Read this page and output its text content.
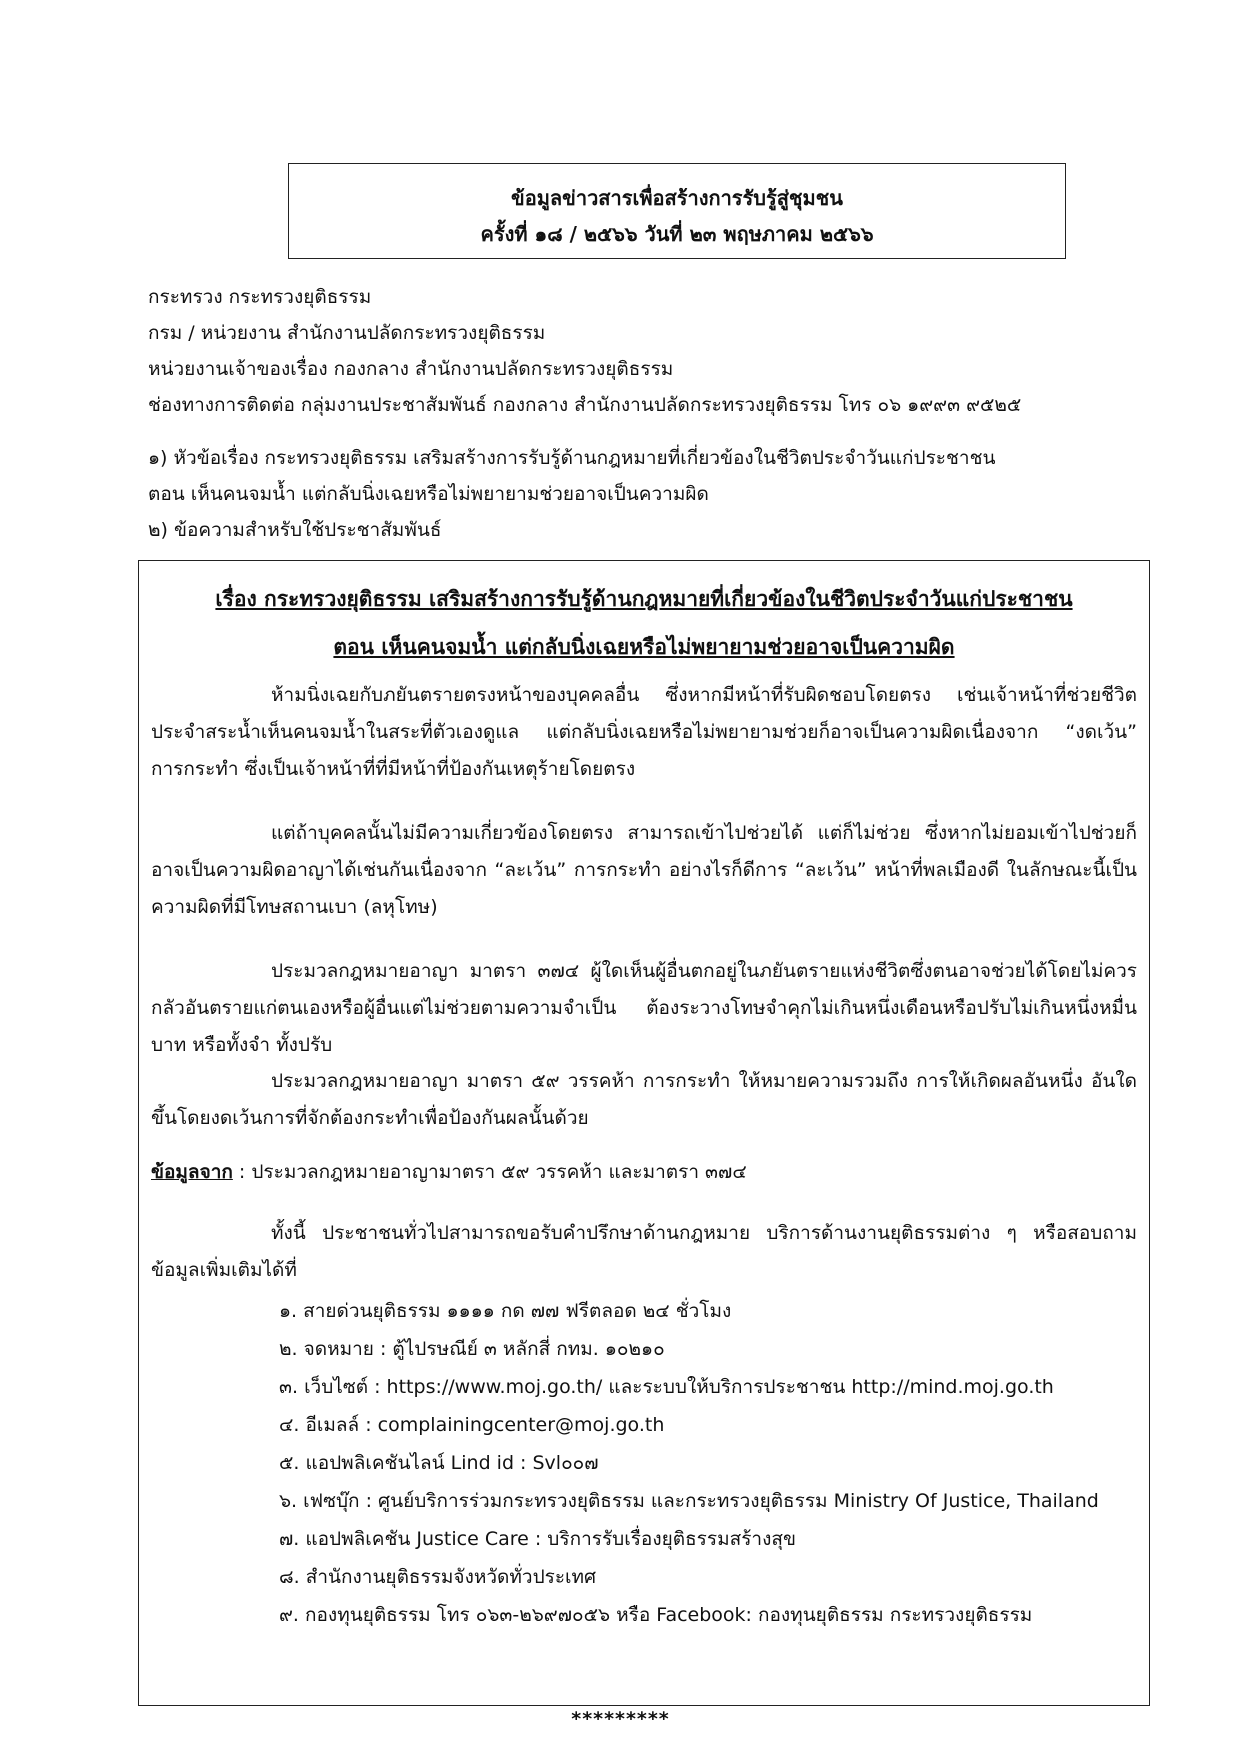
ข้อมูลข่าวสารเพื่อสร้างการรับรู้สู่ชุมชน
ครั้งที่ ๑๘ / ๒๕๖๖ วันที่ ๒๓ พฤษภาคม ๒๕๖๖
กระทรวง กระทรวงยุติธรรม
กรม / หน่วยงาน สำนักงานปลัดกระทรวงยุติธรรม
หน่วยงานเจ้าของเรื่อง กองกลาง สำนักงานปลัดกระทรวงยุติธรรม
ช่องทางการติดต่อ กลุ่มงานประชาสัมพันธ์ กองกลาง สำนักงานปลัดกระทรวงยุติธรรม โทร ๐๖ ๑๙๙๓ ๙๕๒๕
๑) หัวข้อเรื่อง กระทรวงยุติธรรม เสริมสร้างการรับรู้ด้านกฎหมายที่เกี่ยวข้องในชีวิตประจำวันแก่ประชาชน
ตอน เห็นคนจมน้ำ แต่กลับนิ่งเฉยหรือไม่พยายามช่วยอาจเป็นความผิด
๒) ข้อความสำหรับใช้ประชาสัมพันธ์
เรื่อง กระทรวงยุติธรรม เสริมสร้างการรับรู้ด้านกฎหมายที่เกี่ยวข้องในชีวิตประจำวันแก่ประชาชน
ตอน เห็นคนจมน้ำ แต่กลับนิ่งเฉยหรือไม่พยายามช่วยอาจเป็นความผิด
ห้ามนิ่งเฉยกับภยันตรายตรงหน้าของบุคคลอื่น ซึ่งหากมีหน้าที่รับผิดชอบโดยตรง เช่นเจ้าหน้าที่ช่วยชีวิตประจำสระน้ำเห็นคนจมน้ำในสระที่ตัวเองดูแล แต่กลับนิ่งเฉยหรือไม่พยายามช่วยก็อาจเป็นความผิดเนื่องจาก “งดเว้น” การกระทำ ซึ่งเป็นเจ้าหน้าที่ที่มีหน้าที่ป้องกันเหตุร้ายโดยตรง
แต่ถ้าบุคคลนั้นไม่มีความเกี่ยวข้องโดยตรง สามารถเข้าไปช่วยได้ แต่ก็ไม่ช่วย ซึ่งหากไม่ยอมเข้าไปช่วยก็อาจเป็นความผิดอาญาได้เช่นกันเนื่องจาก “ละเว้น” การกระทำ อย่างไรก็ดีการ “ละเว้น” หน้าที่พลเมืองดี ในลักษณะนี้เป็นความผิดที่มีโทษสถานเบา (ลหุโทษ)
ประมวลกฎหมายอาญา มาตรา ๓๗๔ ผู้ใดเห็นผู้อื่นตกอยู่ในภยันตรายแห่งชีวิตซึ่งตนอาจช่วยได้โดยไม่ควรกลัวอันตรายแก่ตนเองหรือผู้อื่นแต่ไม่ช่วยตามความจำเป็น ต้องระวางโทษจำคุกไม่เกินหนึ่งเดือนหรือปรับไม่เกินหนึ่งหมื่นบาท หรือทั้งจำ ทั้งปรับ
ประมวลกฎหมายอาญา มาตรา ๕๙ วรรคห้า การกระทำ ให้หมายความรวมถึง การให้เกิดผลอันหนึ่ง อันใดขึ้นโดยงดเว้นการที่จักต้องกระทำเพื่อป้องกันผลนั้นด้วย
ข้อมูลจาก : ประมวลกฎหมายอาญามาตรา ๕๙ วรรคห้า และมาตรา ๓๗๔
ทั้งนี้ ประชาชนทั่วไปสามารถขอรับคำปรึกษาด้านกฎหมาย บริการด้านงานยุติธรรมต่าง ๆ หรือสอบถามข้อมูลเพิ่มเติมได้ที่
๑. สายด่วนยุติธรรม ๑๑๑๑ กด ๗๗ ฟรีตลอด ๒๔ ชั่วโมง
๒. จดหมาย : ตู้ไปรษณีย์ ๓ หลักสี่ กทม. ๑๐๒๑๐
๓. เว็บไซต์ : https://www.moj.go.th/ และระบบให้บริการประชาชน http://mind.moj.go.th
๔. อีเมลล์ : complainingcenter@moj.go.th
๕. แอปพลิเคชันไลน์ Lind id : Svl๐๐๗
๖. เฟซบุ๊ก : ศูนย์บริการร่วมกระทรวงยุติธรรม และกระทรวงยุติธรรม Ministry Of Justice, Thailand
๗. แอปพลิเคชัน Justice Care : บริการรับเรื่องยุติธรรมสร้างสุข
๘. สำนักงานยุติธรรมจังหวัดทั่วประเทศ
๙. กองทุนยุติธรรม โทร ๐๖๓-๒๖๙๗๐๕๖ หรือ Facebook: กองทุนยุติธรรม กระทรวงยุติธรรม
*********
